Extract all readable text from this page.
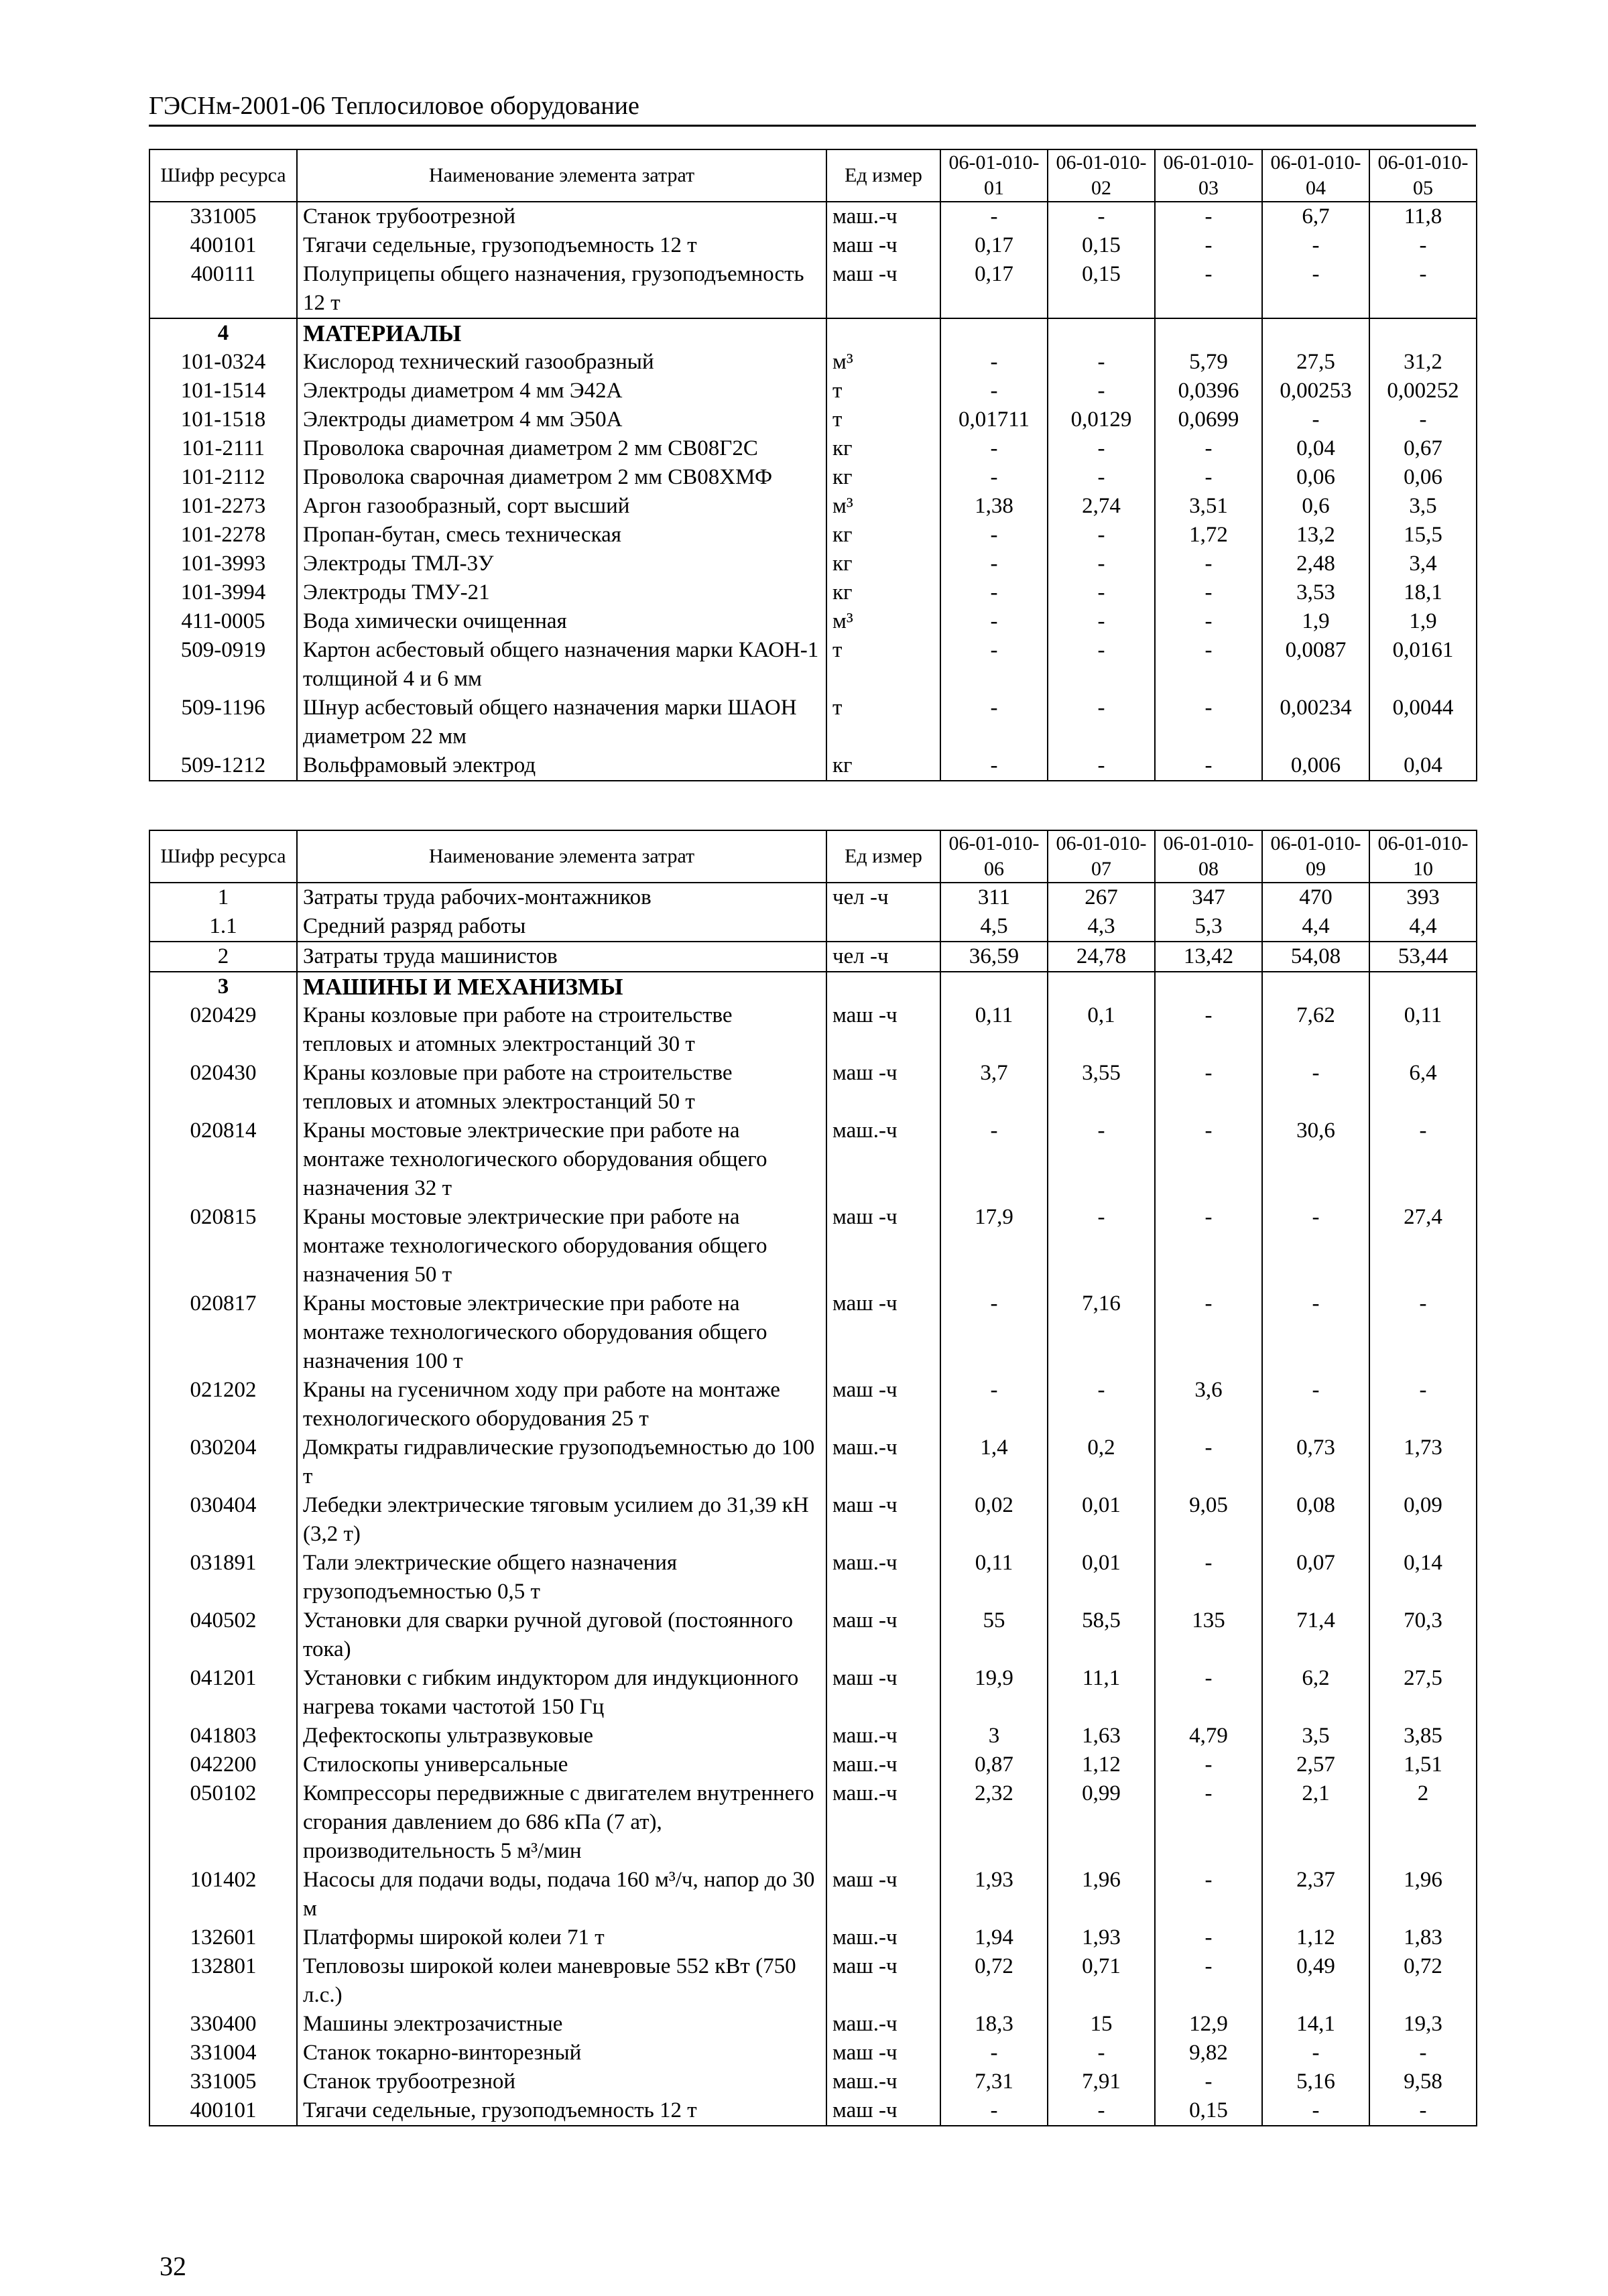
ГЭСНм-2001-06 Теплосиловое оборудование
Шифр ресурса	Наименование элемента затрат	Ед измер	06-01-010-01	06-01-010-02	06-01-010-03	06-01-010-04	06-01-010-05
331005	Станок трубоотрезной	маш.-ч	-	-	-	6,7	11,8
400101	Тягачи седельные, грузоподъемность 12 т	маш -ч	0,17	0,15	-	-	-
400111	Полуприцепы общего назначения, грузоподъемность 12 т	маш -ч	0,17	0,15	-	-	-
4	МАТЕРИАЛЫ						
101-0324	Кислород технический газообразный	м³	-	-	5,79	27,5	31,2
101-1514	Электроды диаметром 4 мм Э42А	т	-	-	0,0396	0,00253	0,00252
101-1518	Электроды диаметром 4 мм Э50А	т	0,01711	0,0129	0,0699	-	-
101-2111	Проволока сварочная диаметром 2 мм СВ08Г2С	кг	-	-	-	0,04	0,67
101-2112	Проволока сварочная диаметром 2 мм СВ08ХМФ	кг	-	-	-	0,06	0,06
101-2273	Аргон газообразный, сорт высший	м³	1,38	2,74	3,51	0,6	3,5
101-2278	Пропан-бутан, смесь техническая	кг	-	-	1,72	13,2	15,5
101-3993	Электроды ТМЛ-3У	кг	-	-	-	2,48	3,4
101-3994	Электроды ТМУ-21	кг	-	-	-	3,53	18,1
411-0005	Вода химически очищенная	м³	-	-	-	1,9	1,9
509-0919	Картон асбестовый общего назначения марки КАОН-1 толщиной 4 и 6 мм	т	-	-	-	0,0087	0,0161
509-1196	Шнур асбестовый общего назначения марки ШАОН диаметром 22 мм	т	-	-	-	0,00234	0,0044
509-1212	Вольфрамовый электрод	кг	-	-	-	0,006	0,04
Шифр ресурса	Наименование элемента затрат	Ед измер	06-01-010-06	06-01-010-07	06-01-010-08	06-01-010-09	06-01-010-10
1	Затраты труда рабочих-монтажников	чел -ч	311	267	347	470	393
1.1	Средний разряд работы		4,5	4,3	5,3	4,4	4,4
2	Затраты труда машинистов	чел -ч	36,59	24,78	13,42	54,08	53,44
3	МАШИНЫ И МЕХАНИЗМЫ						
020429	Краны козловые при работе на строительстве тепловых и атомных электростанций 30 т	маш -ч	0,11	0,1	-	7,62	0,11
020430	Краны козловые при работе на строительстве тепловых и атомных электростанций 50 т	маш -ч	3,7	3,55	-	-	6,4
020814	Краны мостовые электрические при работе на монтаже технологического оборудования общего назначения 32 т	маш.-ч	-	-	-	30,6	-
020815	Краны мостовые электрические при работе на монтаже технологического оборудования общего назначения 50 т	маш -ч	17,9	-	-	-	27,4
020817	Краны мостовые электрические при работе на монтаже технологического оборудования общего назначения 100 т	маш -ч	-	7,16	-	-	-
021202	Краны на гусеничном ходу при работе на монтаже технологического оборудования 25 т	маш -ч	-	-	3,6	-	-
030204	Домкраты гидравлические грузоподъемностью до 100 т	маш.-ч	1,4	0,2	-	0,73	1,73
030404	Лебедки электрические тяговым усилием до 31,39 кН (3,2 т)	маш -ч	0,02	0,01	9,05	0,08	0,09
031891	Тали электрические общего назначения грузоподъемностью 0,5 т	маш.-ч	0,11	0,01	-	0,07	0,14
040502	Установки для сварки ручной дуговой (постоянного тока)	маш -ч	55	58,5	135	71,4	70,3
041201	Установки с гибким индуктором для индукционного нагрева токами частотой 150 Гц	маш -ч	19,9	11,1	-	6,2	27,5
041803	Дефектоскопы ультразвуковые	маш.-ч	3	1,63	4,79	3,5	3,85
042200	Стилоскопы универсальные	маш.-ч	0,87	1,12	-	2,57	1,51
050102	Компрессоры передвижные с двигателем внутреннего сгорания давлением до 686 кПа (7 ат), производительность 5 м³/мин	маш.-ч	2,32	0,99	-	2,1	2
101402	Насосы для подачи воды, подача 160 м³/ч, напор до 30 м	маш -ч	1,93	1,96	-	2,37	1,96
132601	Платформы широкой колеи 71 т	маш.-ч	1,94	1,93	-	1,12	1,83
132801	Тепловозы широкой колеи маневровые 552 кВт (750 л.с.)	маш -ч	0,72	0,71	-	0,49	0,72
330400	Машины электрозачистные	маш.-ч	18,3	15	12,9	14,1	19,3
331004	Станок токарно-винторезный	маш -ч	-	-	9,82	-	-
331005	Станок трубоотрезной	маш.-ч	7,31	7,91	-	5,16	9,58
400101	Тягачи седельные, грузоподъемность 12 т	маш -ч	-	-	0,15	-	-
32
